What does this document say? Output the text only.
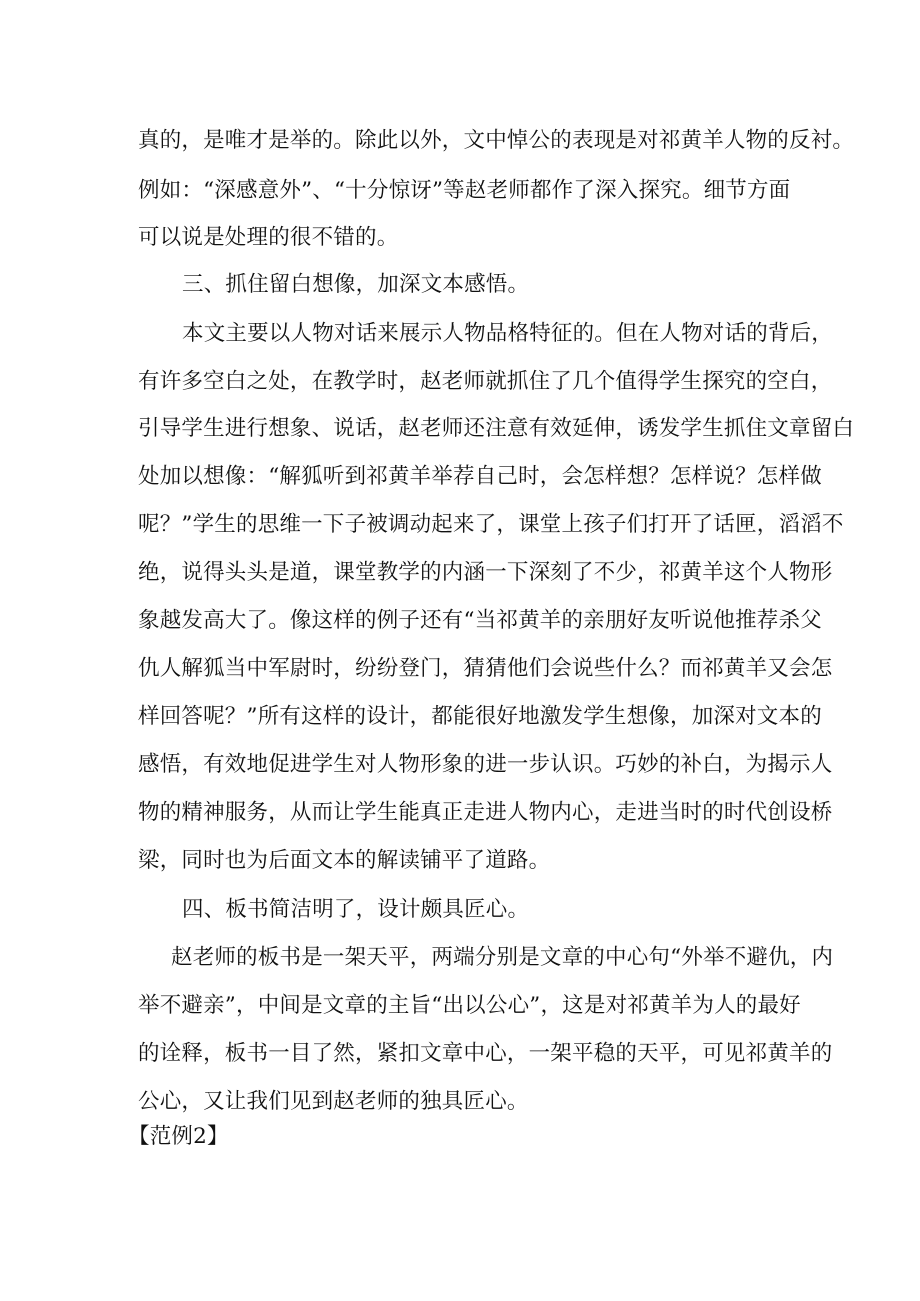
真的，是唯才是举的。除此以外，文中悼公的表现是对祁黄羊人物的反衬。
例如：“深感意外”、“十分惊讶”等赵老师都作了深入探究。细节方面
可以说是处理的很不错的。
三、抓住留白想像，加深文本感悟。
本文主要以人物对话来展示人物品格特征的。但在人物对话的背后，
有许多空白之处，在教学时，赵老师就抓住了几个值得学生探究的空白，
引导学生进行想象、说话，赵老师还注意有效延伸，诱发学生抓住文章留白
处加以想像：“解狐听到祁黄羊举荐自己时，会怎样想？怎样说？怎样做
呢？”学生的思维一下子被调动起来了，课堂上孩子们打开了话匣，滔滔不
绝，说得头头是道，课堂教学的内涵一下深刻了不少，祁黄羊这个人物形
象越发高大了。像这样的例子还有“当祁黄羊的亲朋好友听说他推荐杀父
仇人解狐当中军尉时，纷纷登门，猜猜他们会说些什么？而祁黄羊又会怎
样回答呢？”所有这样的设计，都能很好地激发学生想像，加深对文本的
感悟，有效地促进学生对人物形象的进一步认识。巧妙的补白，为揭示人
物的精神服务，从而让学生能真正走进人物内心，走进当时的时代创设桥
梁，同时也为后面文本的解读铺平了道路。
四、板书简洁明了，设计颇具匠心。
赵老师的板书是一架天平，两端分别是文章的中心句“外举不避仇，内
举不避亲”，中间是文章的主旨“出以公心”，这是对祁黄羊为人的最好
的诠释，板书一目了然，紧扣文章中心，一架平稳的天平，可见祁黄羊的
公心，又让我们见到赵老师的独具匠心。
【范例2】
